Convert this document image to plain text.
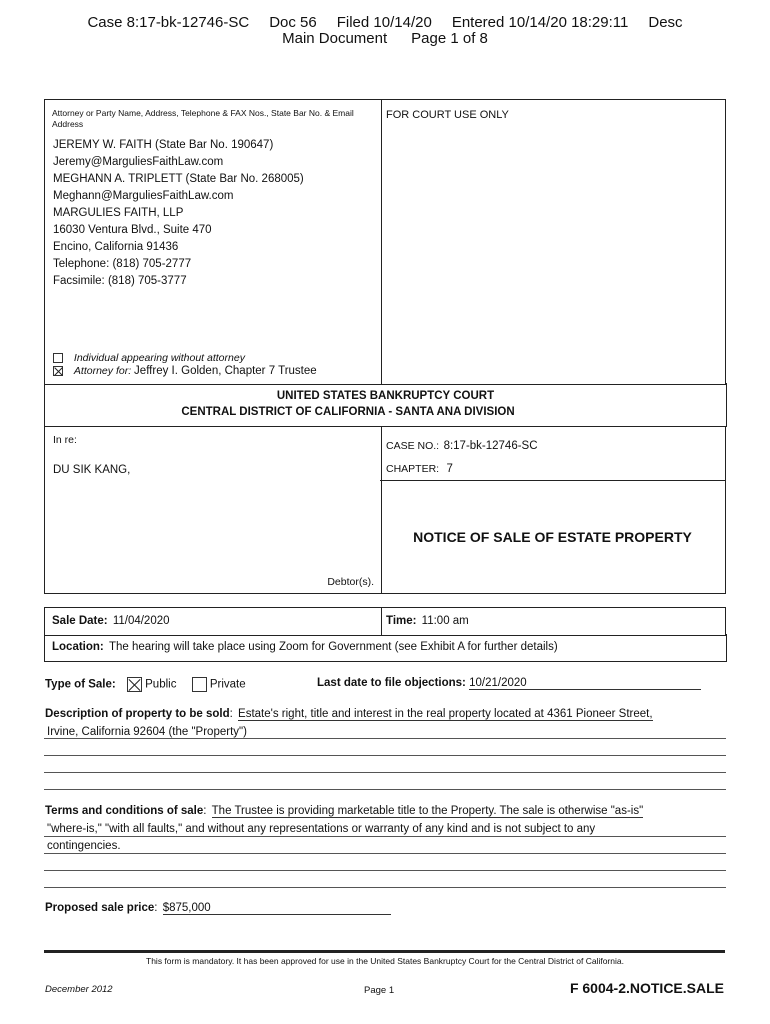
Case 8:17-bk-12746-SC Doc 56 Filed 10/14/20 Entered 10/14/20 18:29:11 Desc
Main Document Page 1 of 8
Attorney or Party Name, Address, Telephone & FAX Nos., State Bar No. & Email Address
JEREMY W. FAITH (State Bar No. 190647)
Jeremy@MarguliesFaithLaw.com
MEGHANN A. TRIPLETT (State Bar No. 268005)
Meghann@MarguliesFaithLaw.com
MARGULIES FAITH, LLP
16030 Ventura Blvd., Suite 470
Encino, California 91436
Telephone: (818) 705-2777
Facsimile: (818) 705-3777
Individual appearing without attorney
Attorney for: Jeffrey I. Golden, Chapter 7 Trustee
FOR COURT USE ONLY
UNITED STATES BANKRUPTCY COURT
CENTRAL DISTRICT OF CALIFORNIA - SANTA ANA DIVISION
In re:
DU SIK KANG,
Debtor(s).
CASE NO.: 8:17-bk-12746-SC
CHAPTER: 7
NOTICE OF SALE OF ESTATE PROPERTY
Sale Date: 11/04/2020	Time: 11:00 am
Location: The hearing will take place using Zoom for Government (see Exhibit A for further details)
Type of Sale:	Public	Private	Last date to file objections: 10/21/2020
Description of property to be sold: Estate's right, title and interest in the real property located at 4361 Pioneer Street,
Irvine, California 92604 (the "Property")
Terms and conditions of sale: The Trustee is providing marketable title to the Property. The sale is otherwise "as-is"
"where-is," "with all faults," and without any representations or warranty of any kind and is not subject to any
contingencies.
Proposed sale price: $875,000
This form is mandatory. It has been approved for use in the United States Bankruptcy Court for the Central District of California.
December 2012	Page 1	F 6004-2.NOTICE.SALE
